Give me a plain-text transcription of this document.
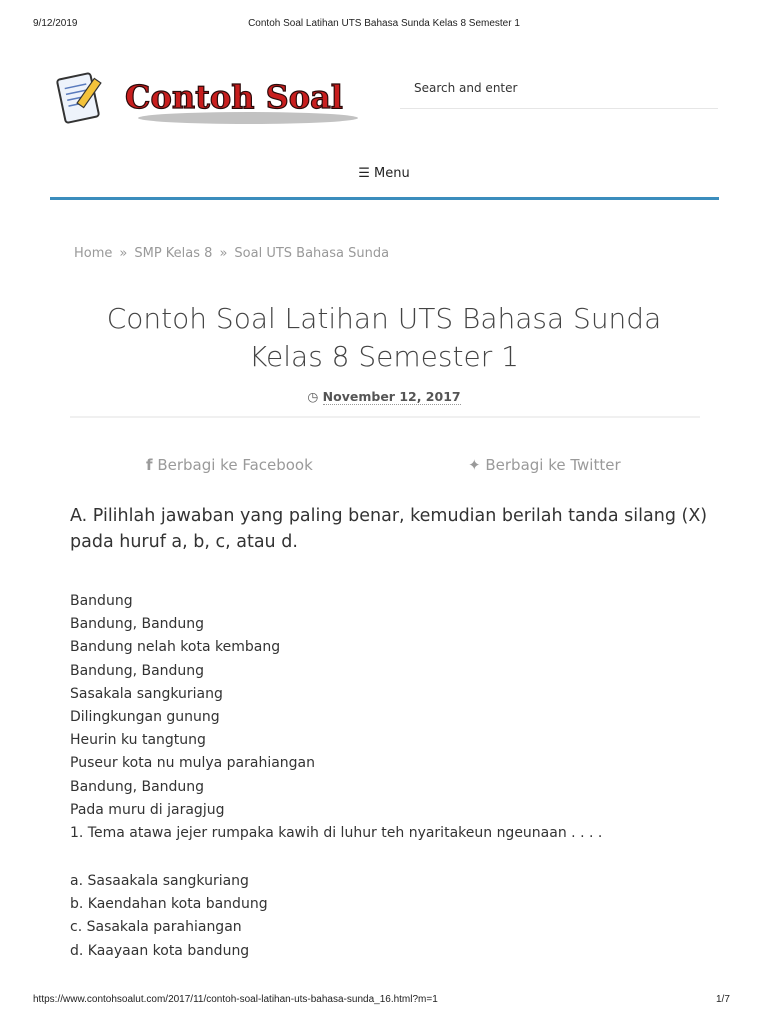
9/12/2019	Contoh Soal Latihan UTS Bahasa Sunda Kelas 8 Semester 1
Contoh Soal	Search and enter
☰ Menu
Home » SMP Kelas 8 » Soal UTS Bahasa Sunda
Contoh Soal Latihan UTS Bahasa Sunda Kelas 8 Semester 1
◷ November 12, 2017
f Berbagi ke Facebook	✦ Berbagi ke Twitter
A. Pilihlah jawaban yang paling benar, kemudian berilah tanda silang (X) pada huruf a, b, c, atau d.
Bandung
Bandung, Bandung
Bandung nelah kota kembang
Bandung, Bandung
Sasakala sangkuriang
Dilingkungan gunung
Heurin ku tangtung
Puseur kota nu mulya parahiangan
Bandung, Bandung
Pada muru di jaragjug
1. Tema atawa jejer rumpaka kawih di luhur teh nyaritakeun ngeunaan . . . .
a. Sasaakala sangkuriang
b. Kaendahan kota bandung
c. Sasakala parahiangan
d. Kaayaan kota bandung
https://www.contohsoalut.com/2017/11/contoh-soal-latihan-uts-bahasa-sunda_16.html?m=1	1/7
